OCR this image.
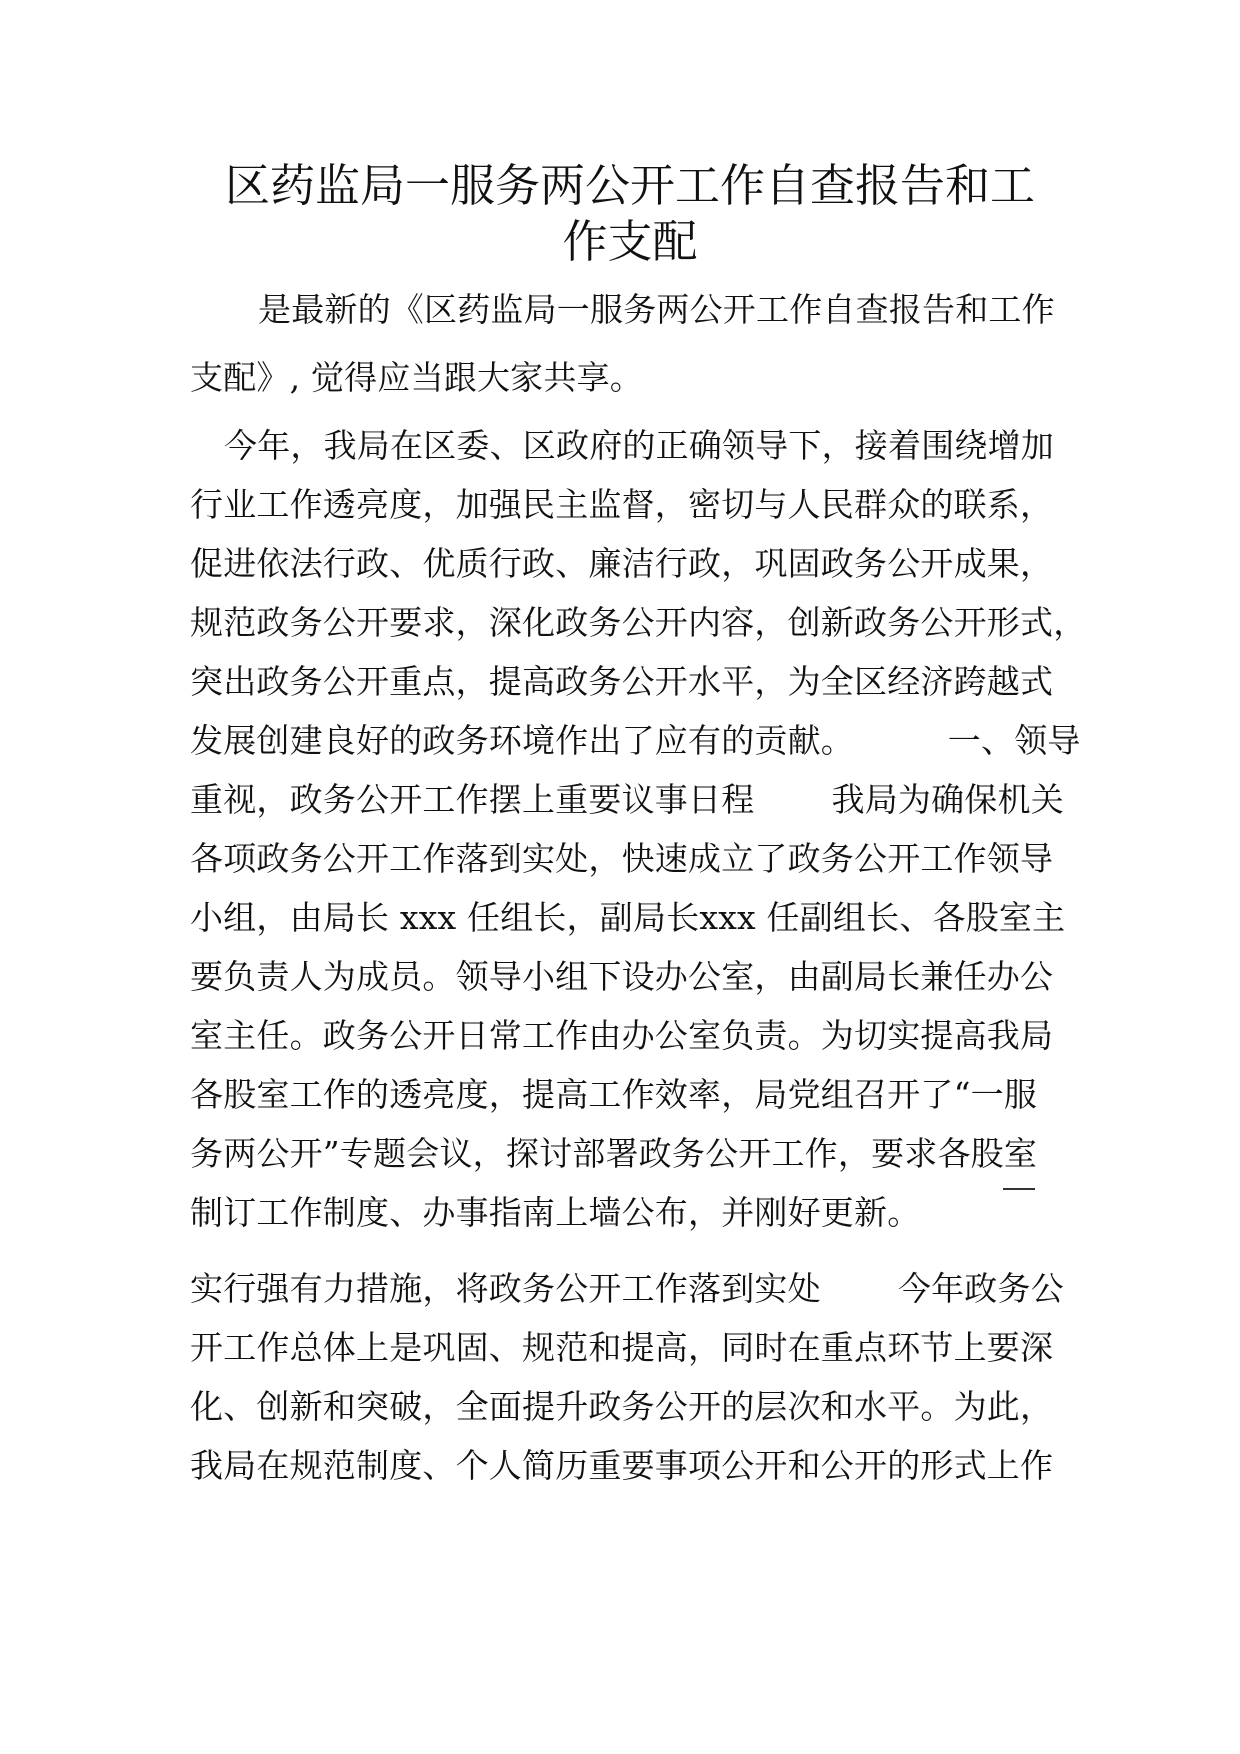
区药监局一服务两公开工作自查报告和工
作支配
是最新的《区药监局一服务两公开工作自查报告和工作
支配》, 觉得应当跟大家共享。
今年，我局在区委、区政府的正确领导下，接着围绕增加
行业工作透亮度，加强民主监督，密切与人民群众的联系，
促进依法行政、优质行政、廉洁行政，巩固政务公开成果，
规范政务公开要求，深化政务公开内容，创新政务公开形式，
突出政务公开重点，提高政务公开水平，为全区经济跨越式
发展创建良好的政务环境作出了应有的贡献。　　　 一、领导
重视，政务公开工作摆上重要议事日程　　 我局为确保机关
各项政务公开工作落到实处，快速成立了政务公开工作领导
小组，由局长 xxx 任组长，副局长xxx 任副组长、各股室主
要负责人为成员。领导小组下设办公室，由副局长兼任办公
室主任。政务公开日常工作由办公室负责。为切实提高我局
各股室工作的透亮度，提高工作效率，局党组召开了“一服
务两公开”专题会议，探讨部署政务公开工作，要求各股室
制订工作制度、办事指南上墙公布，并刚好更新。
实行强有力措施，将政务公开工作落到实处　　 今年政务公
开工作总体上是巩固、规范和提高，同时在重点环节上要深
化、创新和突破，全面提升政务公开的层次和水平。为此，
我局在规范制度、个人简历重要事项公开和公开的形式上作
